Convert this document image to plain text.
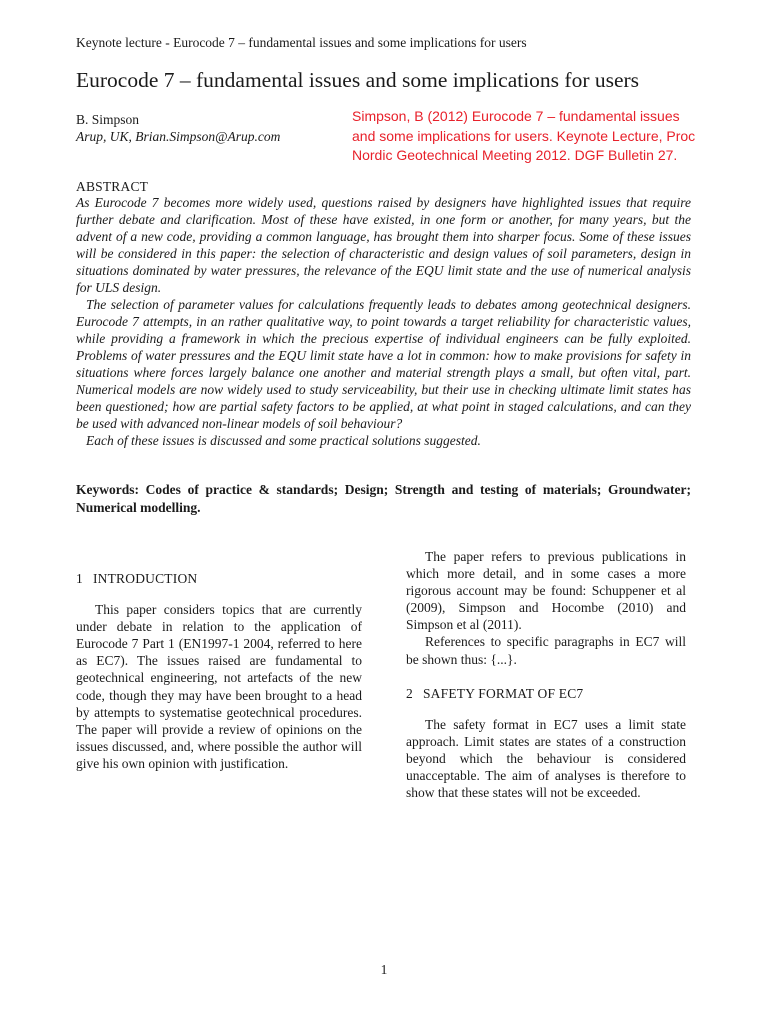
Keynote lecture - Eurocode 7 – fundamental issues and some implications for users
Eurocode 7 – fundamental issues and some implications for users
B. Simpson
Arup, UK, Brian.Simpson@Arup.com

Simpson, B (2012) Eurocode 7 – fundamental issues

and some implications for users. Keynote Lecture, Proc

Nordic Geotechnical Meeting 2012. DGF Bulletin 27.

ABSTRACT

As Eurocode 7 becomes more widely used, questions raised by designers have highlighted issues that require further debate and clarification. Most of these have existed, in one form or another, for many years, but the advent of a new code, providing a common language, has brought them into sharper focus. Some of these issues will be considered in this paper: the selection of characteristic and design values of soil parameters, design in situations dominated by water pressures, the relevance of the EQU limit state and the use of numerical analysis for ULS design.

The selection of parameter values for calculations frequently leads to debates among geotechnical designers. Eurocode 7 attempts, in an rather qualitative way, to point towards a target reliability for characteristic values, while providing a framework in which the precious expertise of individual engineers can be fully exploited. Problems of water pressures and the EQU limit state have a lot in common: how to make provisions for safety in situations where forces largely balance one another and material strength plays a small, but often vital, part. Numerical models are now widely used to study serviceability, but their use in checking ultimate limit states has been questioned; how are partial safety factors to be applied, at what point in staged calculations, and can they be used with advanced non-linear models of soil behaviour?

Each of these issues is discussed and some practical solutions suggested.

Keywords: Codes of practice & standards; Design; Strength and testing of materials; Groundwater; Numerical modelling.
1 INTRODUCTION

This paper considers topics that are currently under debate in relation to the application of Eurocode 7 Part 1 (EN1997-1 2004, referred to here as EC7). The issues raised are fundamental to geotechnical engineering, not artefacts of the new code, though they may have been brought to a head by attempts to systematise geotechnical procedures. The paper will provide a review of opinions on the issues discussed, and, where possible the author will give his own opinion with justification.

The paper refers to previous publications in which more detail, and in some cases a more rigorous account may be found: Schuppener et al (2009), Simpson and Hocombe (2010) and Simpson et al (2011).

References to specific paragraphs in EC7 will be shown thus: {...}.

2 SAFETY FORMAT OF EC7

The safety format in EC7 uses a limit state approach. Limit states are states of a construction beyond which the behaviour is considered unacceptable. The aim of analyses is therefore to show that these states will not be exceeded.

1
